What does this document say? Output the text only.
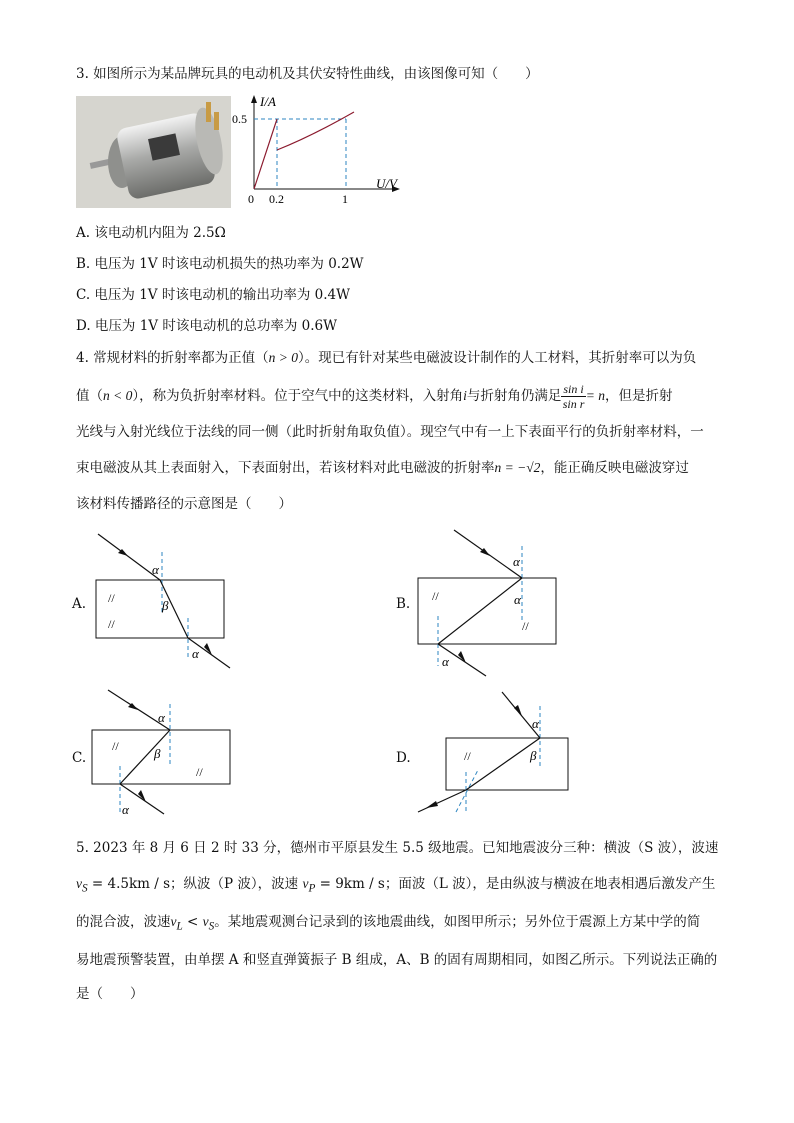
3. 如图所示为某品牌玩具的电动机及其伏安特性曲线，由该图像可知（　　）
I/A
U/V
0.5
0 0.2	1
A. 该电动机内阻为 2.5Ω
B. 电压为 1V 时该电动机损失的热功率为 0.2W
C. 电压为 1V 时该电动机的输出功率为 0.4W
D. 电压为 1V 时该电动机的总功率为 0.6W
4. 常规材料的折射率都为正值（n > 0）。现已有针对某些电磁波设计制作的人工材料，其折射率可以为负
值（n < 0），称为负折射率材料。位于空气中的这类材料，入射角i与折射角仍满足 $\frac{\text{sin i}}{\text{sin r}} = n$，但是折射
光线与入射光线位于法线的同一侧（此时折射角取负值）。现空气中有一上下表面平行的负折射率材料，一
束电磁波从其上表面射入，下表面射出，若该材料对此电磁波的折射率n = −√2，能正确反映电磁波穿过
该材料传播路径的示意图是（　　）
A.
α
β
α
//
//
B.
α
α
α
//
//
C.
α
β
α
//
//
D.
α
β
//
5. 2023 年 8 月 6 日 2 时 33 分，德州市平原县发生 5.5 级地震。已知地震波分三种：横波（S 波），波速
$v_S = 4.5km / s$；纵波（P 波），波速 $v_P = 9km / s$；面波（L 波），是由纵波与横波在地表相遇后激发产生
的混合波，波速$v_L < v_S$。某地震观测台记录到的该地震曲线，如图甲所示；另外位于震源上方某中学的简
易地震预警装置，由单摆 A 和竖直弹簧振子 B 组成，A、B 的固有周期相同，如图乙所示。下列说法正确的
是（　　）
